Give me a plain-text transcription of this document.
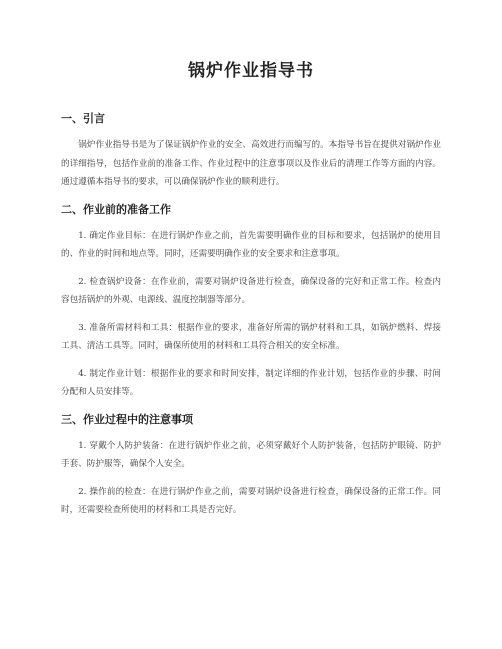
锅炉作业指导书
一、引言

锅炉作业指导书是为了保证锅炉作业的安全、高效进行而编写的。本指导书旨在提供对锅炉作业的详细指导，包括作业前的准备工作、作业过程中的注意事项以及作业后的清理工作等方面的内容。通过遵循本指导书的要求，可以确保锅炉作业的顺利进行。

二、作业前的准备工作

1. 确定作业目标：在进行锅炉作业之前，首先需要明确作业的目标和要求，包括锅炉的使用目的、作业的时间和地点等。同时，还需要明确作业的安全要求和注意事项。

2. 检查锅炉设备：在作业前，需要对锅炉设备进行检查，确保设备的完好和正常工作。检查内容包括锅炉的外观、电源线、温度控制器等部分。

3. 准备所需材料和工具：根据作业的要求，准备好所需的锅炉材料和工具，如锅炉燃料、焊接工具、清洁工具等。同时，确保所使用的材料和工具符合相关的安全标准。

4. 制定作业计划：根据作业的要求和时间安排，制定详细的作业计划，包括作业的步骤、时间分配和人员安排等。

三、作业过程中的注意事项

1. 穿戴个人防护装备：在进行锅炉作业之前，必须穿戴好个人防护装备，包括防护眼镜、防护手套、防护服等，确保个人安全。

2. 操作前的检查：在进行锅炉作业之前，需要对锅炉设备进行检查，确保设备的正常工作。同时，还需要检查所使用的材料和工具是否完好。
